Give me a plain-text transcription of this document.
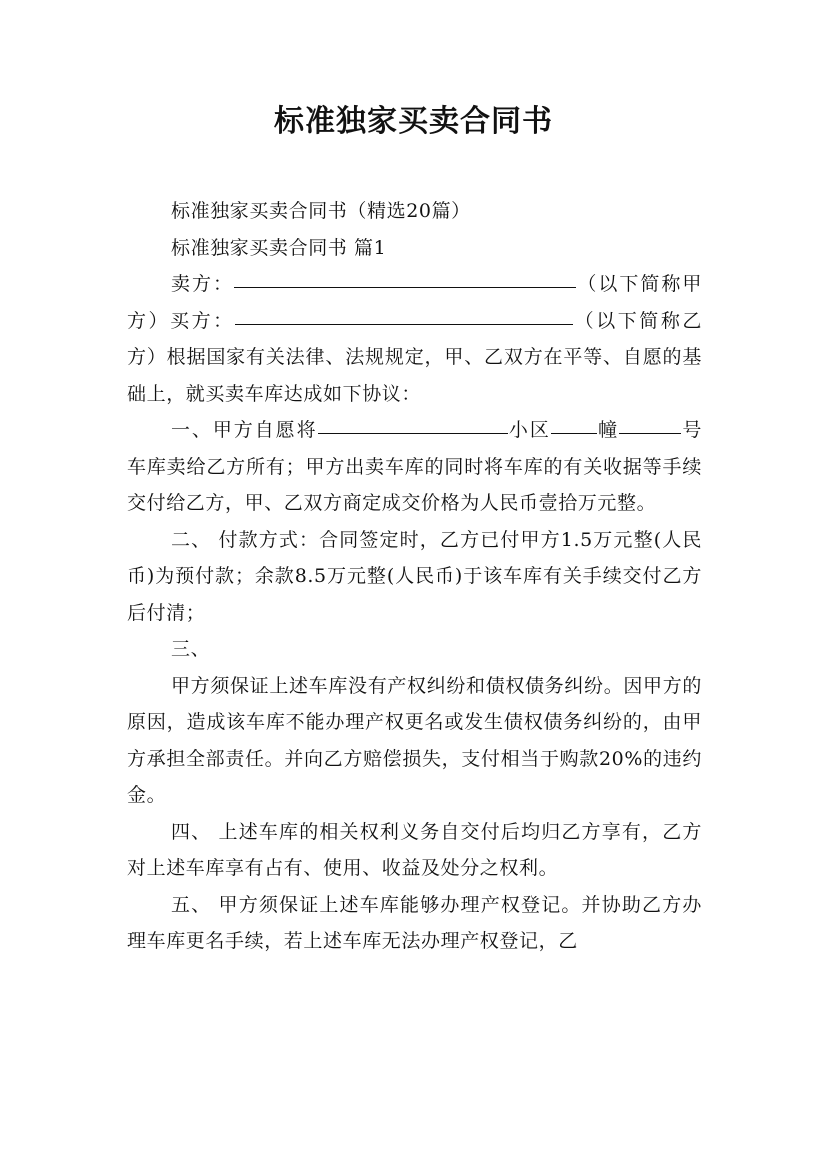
标准独家买卖合同书

标准独家买卖合同书（精选20篇）

标准独家买卖合同书 篇1

卖方：	（以下简称甲方）买方：	（以下简称乙方）根据国家有关法律、法规规定，甲、乙双方在平等、自愿的基础上，就买卖车库达成如下协议：

一、甲方自愿将	小区 幢	号车库卖给乙方所有；甲方出卖车库的同时将车库的有关收据等手续交付给乙方，甲、乙双方商定成交价格为人民币壹拾万元整。

二、 付款方式：合同签定时，乙方已付甲方1.5万元整(人民币)为预付款；余款8.5万元整(人民币)于该车库有关手续交付乙方后付清；

三、

甲方须保证上述车库没有产权纠纷和债权债务纠纷。因甲方的原因，造成该车库不能办理产权更名或发生债权债务纠纷的，由甲方承担全部责任。并向乙方赔偿损失，支付相当于购款20%的违约金。

四、 上述车库的相关权利义务自交付后均归乙方享有，乙方对上述车库享有占有、使用、收益及处分之权利。

五、 甲方须保证上述车库能够办理产权登记。并协助乙方办理车库更名手续，若上述车库无法办理产权登记，乙
